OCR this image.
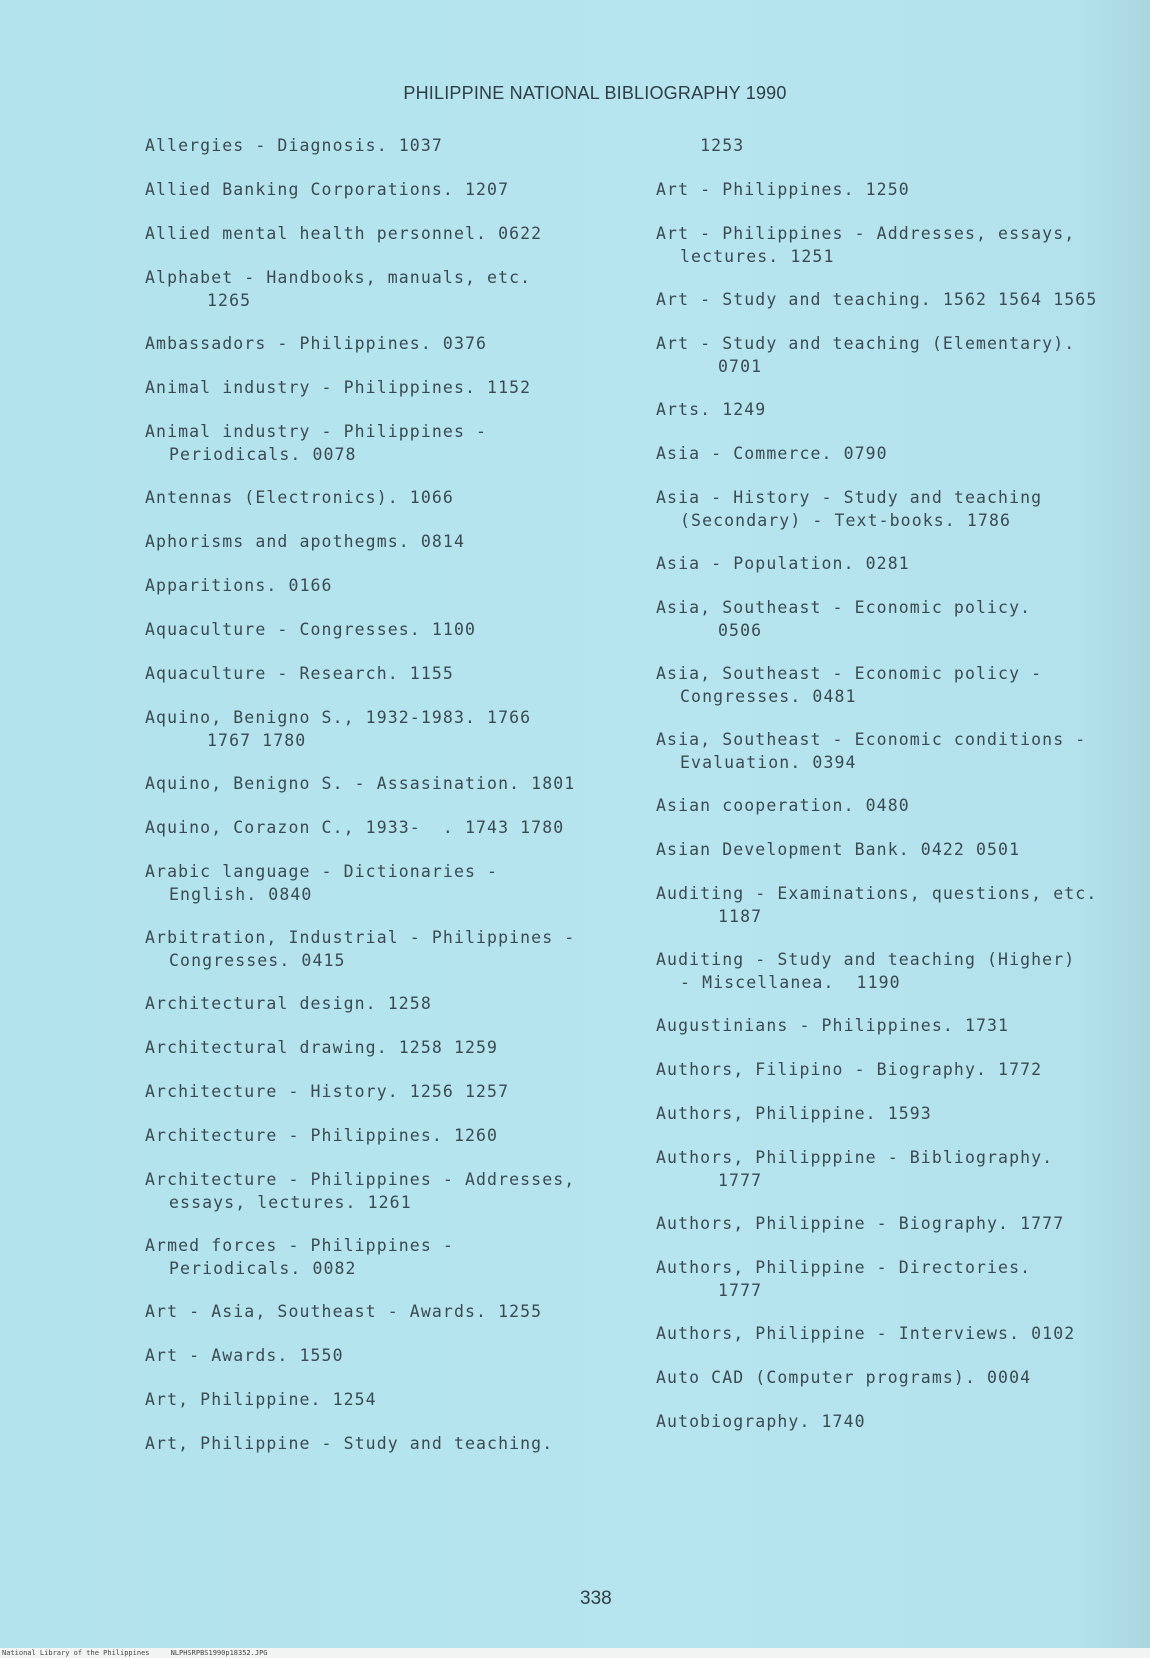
PHILIPPINE NATIONAL BIBLIOGRAPHY 1990
Allergies - Diagnosis. 1037
Allied Banking Corporations. 1207
Allied mental health personnel. 0622
Alphabet - Handbooks, manuals, etc.

1265
Ambassadors - Philippines. 0376
Animal industry - Philippines. 1152
Animal industry - Philippines -

Periodicals. 0078
Antennas (Electronics). 1066
Aphorisms and apothegms. 0814
Apparitions. 0166
Aquaculture - Congresses. 1100
Aquaculture - Research. 1155
Aquino, Benigno S., 1932-1983. 1766

1767 1780
Aquino, Benigno S. - Assasination. 1801
Aquino, Corazon C., 1933-  . 1743 1780
Arabic language - Dictionaries -

English. 0840
Arbitration, Industrial - Philippines -

Congresses. 0415
Architectural design. 1258
Architectural drawing. 1258 1259
Architecture - History. 1256 1257
Architecture - Philippines. 1260
Architecture - Philippines - Addresses,

essays, lectures. 1261
Armed forces - Philippines -

Periodicals. 0082
Art - Asia, Southeast - Awards. 1255
Art - Awards. 1550
Art, Philippine. 1254
Art, Philippine - Study and teaching.
1253
Art - Philippines. 1250
Art - Philippines - Addresses, essays,

lectures. 1251
Art - Study and teaching. 1562 1564 1565
Art - Study and teaching (Elementary).

0701
Arts. 1249
Asia - Commerce. 0790
Asia - History - Study and teaching

(Secondary) - Text-books. 1786
Asia - Population. 0281
Asia, Southeast - Economic policy.

0506
Asia, Southeast - Economic policy -

Congresses. 0481
Asia, Southeast - Economic conditions -

Evaluation. 0394
Asian cooperation. 0480
Asian Development Bank. 0422 0501
Auditing - Examinations, questions, etc.

1187
Auditing - Study and teaching (Higher)

- Miscellanea.  1190
Augustinians - Philippines. 1731
Authors, Filipino - Biography. 1772
Authors, Philippine. 1593
Authors, Philipppine - Bibliography.

1777
Authors, Philippine - Biography. 1777
Authors, Philippine - Directories.

1777
Authors, Philippine - Interviews. 0102
Auto CAD (Computer programs). 0004
Autobiography. 1740
338
National Library of the Philippines     NLPHSRPBS1990p18352.JPG
